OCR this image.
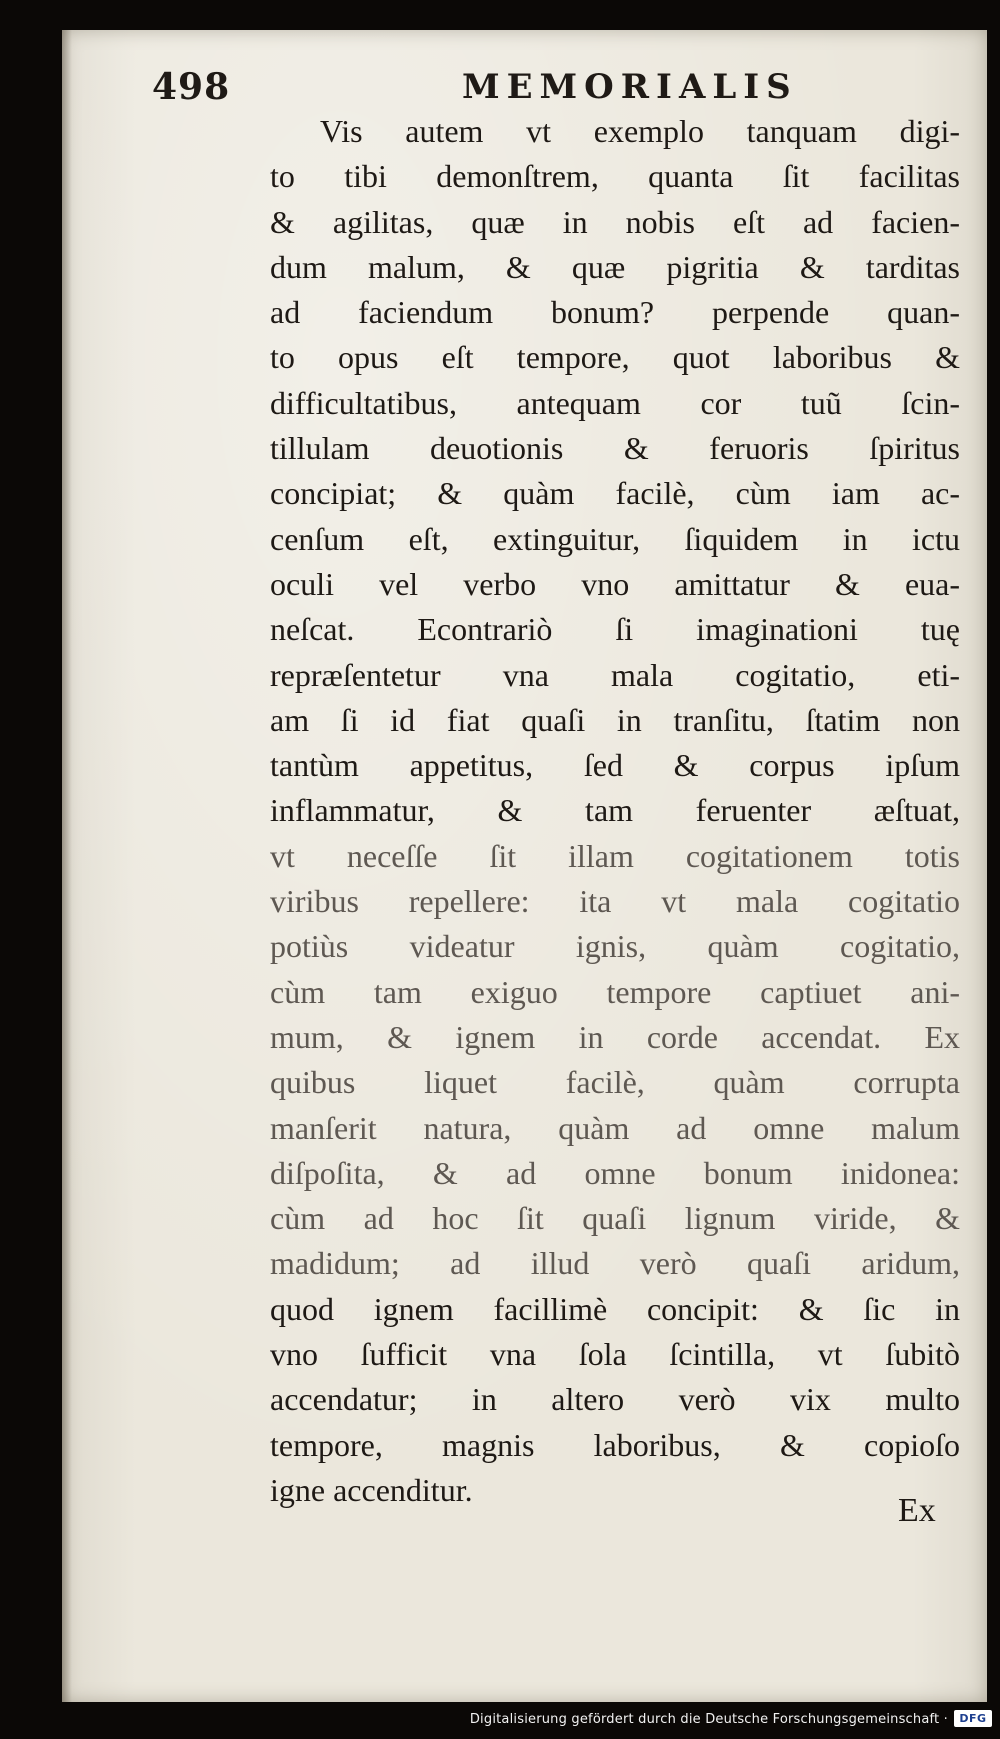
498	MEMORIALIS
Vis autem vt exemplo tanquam digi-
to tibi demonſtrem, quanta ſit facilitas
& agilitas, quæ in nobis eſt ad facien-
dum malum, & quæ pigritia & tarditas
ad faciendum bonum? perpende quan-
to opus eſt tempore, quot laboribus &
difficultatibus, antequam cor tuũ ſcin-
tillulam deuotionis & feruoris ſpiritus
concipiat; & quàm facilè, cùm iam ac-
cenſum eſt, extinguitur, ſiquidem in ictu
oculi vel verbo vno amittatur & eua-
neſcat. Econtrariò ſi imaginationi tuę
repræſentetur vna mala cogitatio, eti-
am ſi id fiat quaſi in tranſitu, ſtatim non
tantùm appetitus, ſed & corpus ipſum
inflammatur, & tam feruenter æſtuat,
vt neceſſe ſit illam cogitationem totis
viribus repellere: ita vt mala cogitatio
potiùs videatur ignis, quàm cogitatio,
cùm tam exiguo tempore captiuet ani-
mum, & ignem in corde accendat. Ex
quibus liquet facilè, quàm corrupta
manſerit natura, quàm ad omne malum
diſpoſita, & ad omne bonum inidonea:
cùm ad hoc ſit quaſi lignum viride, &
madidum; ad illud verò quaſi aridum,
quod ignem facillimè concipit: & ſic in
vno ſufficit vna ſola ſcintilla, vt ſubitò
accendatur; in altero verò vix multo
tempore, magnis laboribus, & copioſo
igne accenditur.
Ex
Digitalisierung gefördert durch die Deutsche Forschungsgemeinschaft · DFG
